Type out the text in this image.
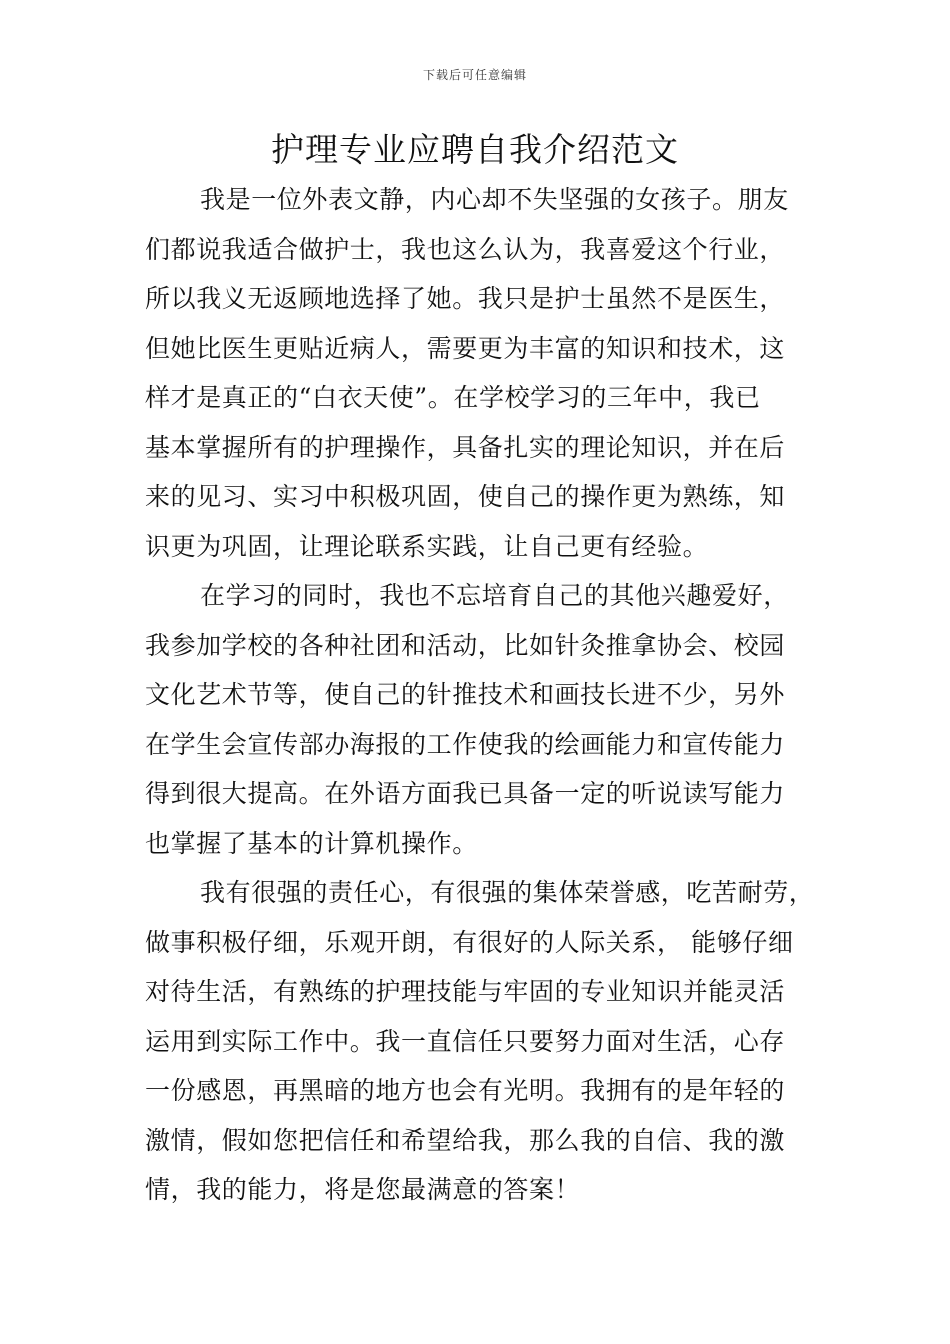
下载后可任意编辑
护理专业应聘自我介绍范文
我是一位外表文静，内心却不失坚强的女孩子。朋友
们都说我适合做护士，我也这么认为，我喜爱这个行业，
所以我义无返顾地选择了她。我只是护士虽然不是医生，
但她比医生更贴近病人，需要更为丰富的知识和技术，这
样才是真正的“白衣天使”。在学校学习的三年中，我已
基本掌握所有的护理操作，具备扎实的理论知识，并在后
来的见习、实习中积极巩固，使自己的操作更为熟练，知
识更为巩固，让理论联系实践，让自己更有经验。
在学习的同时，我也不忘培育自己的其他兴趣爱好，
我参加学校的各种社团和活动，比如针灸推拿协会、校园
文化艺术节等，使自己的针推技术和画技长进不少，另外
在学生会宣传部办海报的工作使我的绘画能力和宣传能力
得到很大提高。在外语方面我已具备一定的听说读写能力
也掌握了基本的计算机操作。
我有很强的责任心，有很强的集体荣誉感，吃苦耐劳，
做事积极仔细，乐观开朗，有很好的人际关系， 能够仔细
对待生活，有熟练的护理技能与牢固的专业知识并能灵活
运用到实际工作中。我一直信任只要努力面对生活，心存
一份感恩，再黑暗的地方也会有光明。我拥有的是年轻的
激情，假如您把信任和希望给我，那么我的自信、我的激
情，我的能力，将是您最满意的答案！
